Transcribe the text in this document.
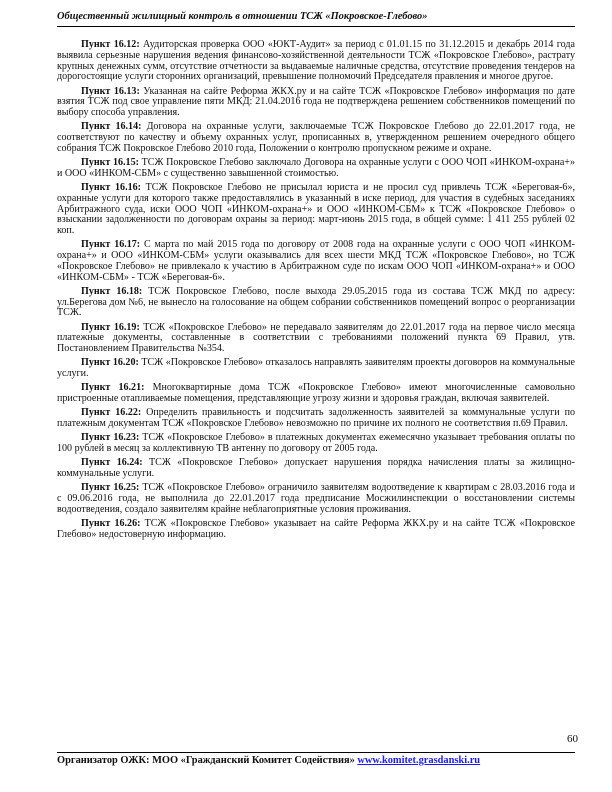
Общественный жилищный контроль в отношении ТСЖ «Покровское-Глебово»

Пункт 16.12: Аудиторская проверка ООО «ЮКТ-Аудит» за период с 01.01.15 по 31.12.2015 и декабрь 2014 года выявила серьезные нарушения ведения финансово-хозяйственной деятельности ТСЖ «Покровское Глебово», растрату крупных денежных сумм, отсутствие отчетности за выдаваемые наличные средства, отсутствие проведения тендеров на дорогостоящие услуги сторонних организаций, превышение полномочий Председателя правления и многое другое.

Пункт 16.13: Указанная на сайте Реформа ЖКХ.ру и на сайте ТСЖ «Покровское Глебово» информация по дате взятия ТСЖ под свое управление пяти МКД: 21.04.2016 года не подтверждена решением собственников помещений по выбору способа управления.

Пункт 16.14: Договора на охранные услуги, заключаемые ТСЖ Покровское Глебово до 22.01.2017 года, не соответствуют по качеству и объему охранных услуг, прописанных в, утвержденном решением очередного общего собрания ТСЖ Покровское Глебово 2010 года, Положении о контролю пропускном режиме и охране.

Пункт 16.15: ТСЖ Покровское Глебово заключало Договора на охранные услуги с ООО ЧОП «ИНКОМ-охрана+» и ООО «ИНКОМ-СБМ» с существенно завышенной стоимостью.

Пункт 16.16: ТСЖ Покровское Глебово не присылал юриста и не просил суд привлечь ТСЖ «Береговая-6», охранные услуги для которого также предоставлялись в указанный в иске период, для участия в судебных заседаниях Арбитражного суда, иски ООО ЧОП «ИНКОМ-охрана+» и ООО «ИНКОМ-СБМ» к ТСЖ «Покровское Глебово» о взыскании задолженности по договорам охраны за период: март-июнь 2015 года, в общей сумме: 1 411 255 рублей 02 коп.

Пункт 16.17: С марта по май 2015 года по договору от 2008 года на охранные услуги с ООО ЧОП «ИНКОМ-охрана+» и ООО «ИНКОМ-СБМ» услуги оказывались для всех шести МКД ТСЖ «Покровское Глебово», но ТСЖ «Покровское Глебово» не привлекало к участию в Арбитражном суде по искам ООО ЧОП «ИНКОМ-охрана+» и ООО «ИНКОМ-СБМ» - ТСЖ «Береговая-6».

Пункт 16.18: ТСЖ Покровское Глебово, после выхода 29.05.2015 года из состава ТСЖ МКД по адресу: ул.Берегова дом №6, не вынесло на голосование на общем собрании собственников помещений вопрос о реорганизации ТСЖ.

Пункт 16.19: ТСЖ «Покровское Глебово» не передавало заявителям до 22.01.2017 года на первое число месяца платежные документы, составленные в соответствии с требованиями положений пункта 69 Правил, утв. Постановлением Правительства №354.

Пункт 16.20: ТСЖ «Покровское Глебово» отказалось направлять заявителям проекты договоров на коммунальные услуги.

Пункт 16.21: Многоквартирные дома ТСЖ «Покровское Глебово» имеют многочисленные самовольно пристроенные отапливаемые помещения, представляющие угрозу жизни и здоровья граждан, включая заявителей.

Пункт 16.22: Определить правильность и подсчитать задолженность заявителей за коммунальные услуги по платежным документам ТСЖ «Покровское Глебово» невозможно по причине их полного не соответствия п.69 Правил.

Пункт 16.23: ТСЖ «Покровское Глебово» в платежных документах ежемесячно указывает требования оплаты по 100 рублей в месяц за коллективную ТВ антенну по договору от 2005 года.

Пункт 16.24: ТСЖ «Покровское Глебово» допускает нарушения порядка начисления платы за жилищно-коммунальные услуги.

Пункт 16.25: ТСЖ «Покровское Глебово» ограничило заявителям водоотведение к квартирам с 28.03.2016 года и с 09.06.2016 года, не выполнила до 22.01.2017 года предписание Мосжилинспекции о восстановлении системы водоотведения, создало заявителям крайне неблагоприятные условия проживания.

Пункт 16.26: ТСЖ «Покровское Глебово» указывает на сайте Реформа ЖКХ.ру и на сайте ТСЖ «Покровское Глебово» недостоверную информацию.

60
Организатор ОЖК: МОО «Гражданский Комитет Содействия» www.komitet.grasdanski.ru
